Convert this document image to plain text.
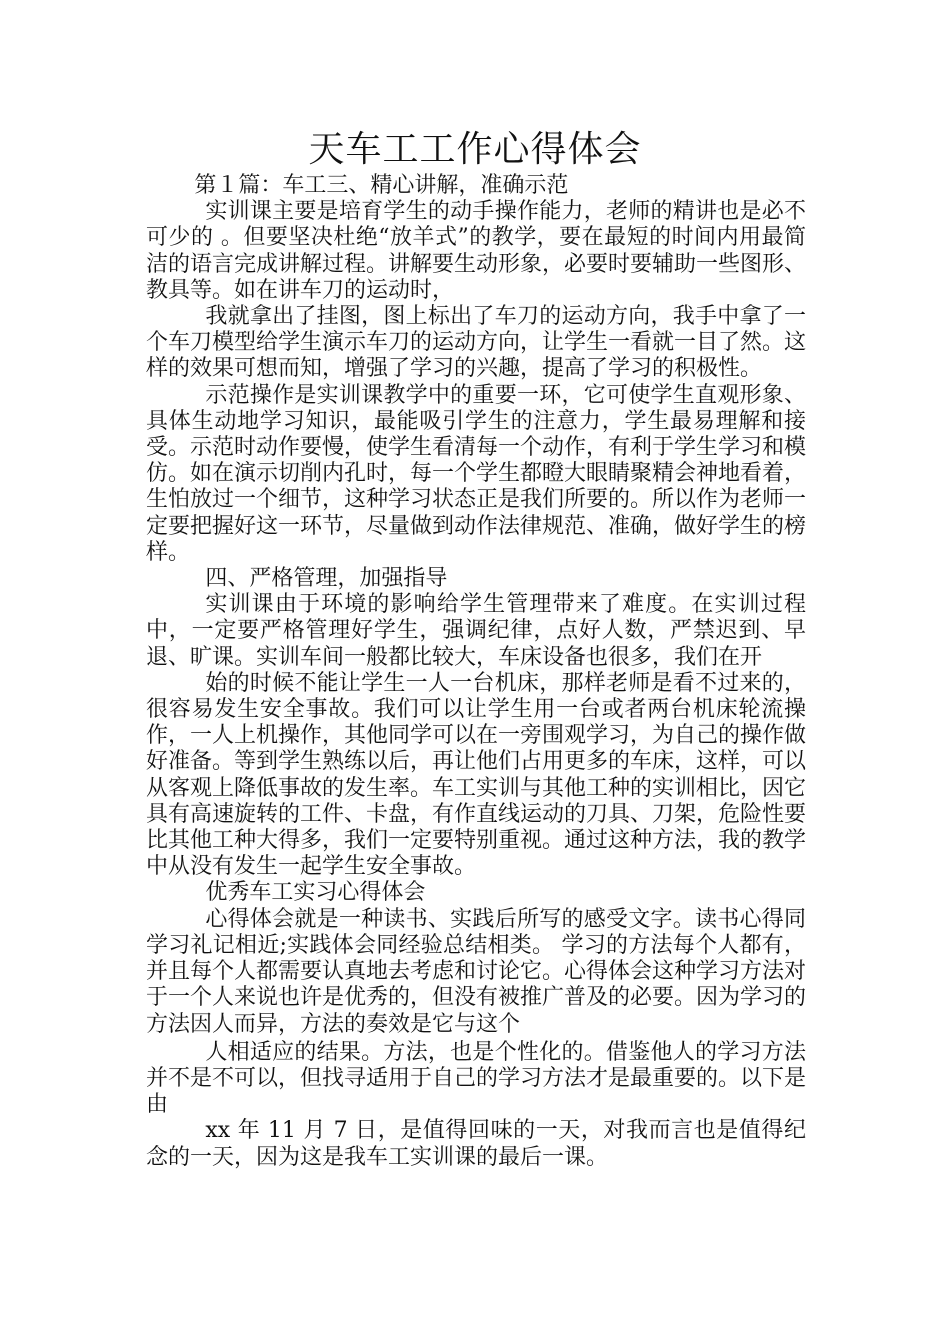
天车工工作心得体会

第１篇：车工三、精心讲解，准确示范

实训课主要是培育学生的动手操作能力，老师的精讲也是必不可少的 。但要坚决杜绝“放羊式”的教学，要在最短的时间内用最简洁的语言完成讲解过程。讲解要生动形象，必要时要辅助一些图形、教具等。如在讲车刀的运动时，

我就拿出了挂图，图上标出了车刀的运动方向，我手中拿了一个车刀模型给学生演示车刀的运动方向，让学生一看就一目了然。这样的效果可想而知，增强了学习的兴趣，提高了学习的积极性。

示范操作是实训课教学中的重要一环，它可使学生直观形象、具体生动地学习知识，最能吸引学生的注意力，学生最易理解和接受。示范时动作要慢，使学生看清每一个动作，有利于学生学习和模仿。如在演示切削内孔时，每一个学生都瞪大眼睛聚精会神地看着，生怕放过一个细节，这种学习状态正是我们所要的。所以作为老师一定要把握好这一环节，尽量做到动作法律规范、准确，做好学生的榜样。

四、严格管理，加强指导

实训课由于环境的影响给学生管理带来了难度。在实训过程中，一定要严格管理好学生，强调纪律，点好人数，严禁迟到、早退、旷课。实训车间一般都比较大，车床设备也很多，我们在开

始的时候不能让学生一人一台机床，那样老师是看不过来的，很容易发生安全事故。我们可以让学生用一台或者两台机床轮流操作，一人上机操作，其他同学可以在一旁围观学习，为自己的操作做好准备。等到学生熟练以后，再让他们占用更多的车床，这样，可以从客观上降低事故的发生率。车工实训与其他工种的实训相比，因它具有高速旋转的工件、卡盘，有作直线运动的刀具、刀架，危险性要比其他工种大得多，我们一定要特别重视。通过这种方法，我的教学中从没有发生一起学生安全事故。

优秀车工实习心得体会

心得体会就是一种读书、实践后所写的感受文字。读书心得同学习礼记相近;实践体会同经验总结相类。 学习的方法每个人都有，并且每个人都需要认真地去考虑和讨论它。心得体会这种学习方法对于一个人来说也许是优秀的，但没有被推广普及的必要。因为学习的方法因人而异，方法的奏效是它与这个

人相适应的结果。方法，也是个性化的。借鉴他人的学习方法并不是不可以，但找寻适用于自己的学习方法才是最重要的。以下是由

xx 年 11 月 7 日，是值得回味的一天，对我而言也是值得纪念的一天，因为这是我车工实训课的最后一课。
